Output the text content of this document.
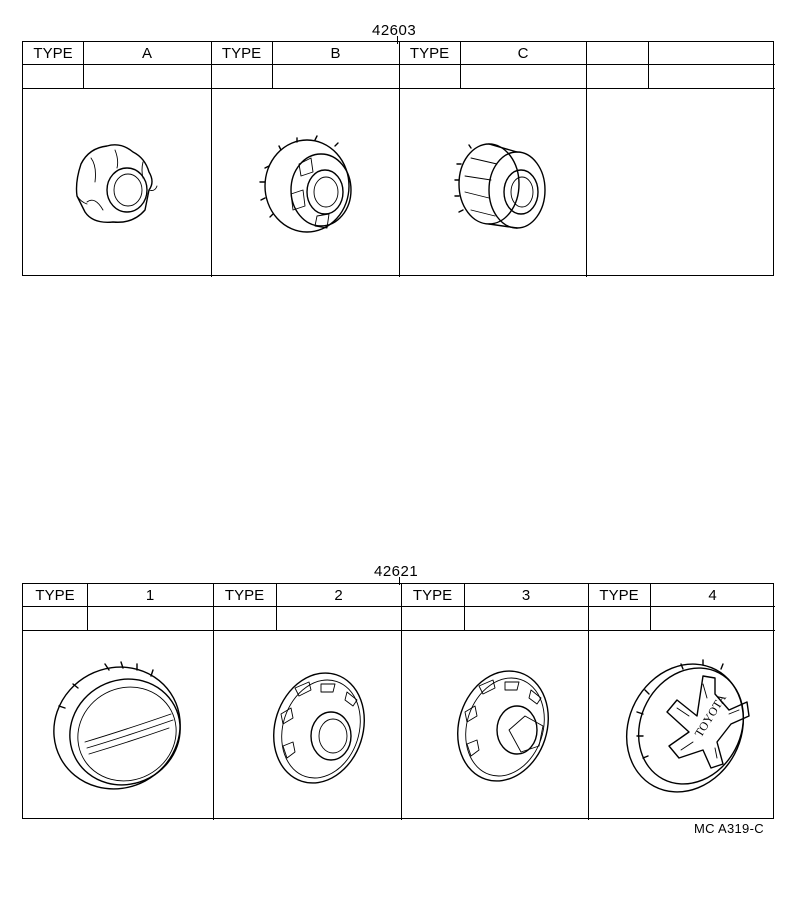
42603
TYPE	A	TYPE	B	TYPE	C
42621
TYPE	1	TYPE	2	TYPE	3	TYPE	4
TOYOTA
MC A319-C
